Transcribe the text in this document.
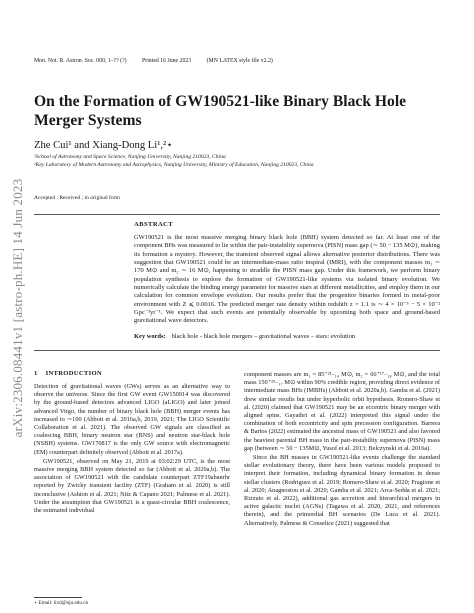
Mon. Not. R. Astron. Soc. 000, 1–?? (?)	Printed 16 June 2023	(MN LATEX style file v2.2)
arXiv:2306.08441v1 [astro-ph.HE] 14 Jun 2023
On the Formation of GW190521-like Binary Black Hole Merger Systems
Zhe Cui¹ and Xiang-Dong Li¹,²⋆
¹School of Astronomy and Space Science, Nanjing University, Nanjing 210023, China
²Key Laboratory of Modern Astronomy and Astrophysics, Nanjing University, Ministry of Education, Nanjing 210023, China
Accepted . Received ; in original form
ABSTRACT
GW190521 is the most massive merging binary black hole (BBH) system detected so far. At least one of the component BHs was measured to lie within the pair-instability supernova (PISN) mass gap (∼ 50 − 135 M⊙), making its formation a mystery. However, the transient observed signal allows alternative posterior distributions. There was suggestion that GW190521 could be an intermediate-mass ratio inspiral (IMRI), with the component masses m₁ ∼ 170 M⊙ and m₂ ∼ 16 M⊙, happening to straddle the PISN mass gap. Under this framework, we perform binary population synthesis to explore the formation of GW190521-like systems via isolated binary evolution. We numerically calculate the binding energy parameter for massive stars at different metallicities, and employ them in our calculation for common envelope evolution. Our results prefer that the progenitor binaries formed in metal-poor environment with Z ⩽ 0.0016. The predicted merger rate density within redshift z = 1.1 is ∼ 4 × 10⁻⁵ − 5 × 10⁻² Gpc⁻³yr⁻¹. We expect that such events are potentially observable by upcoming both space and ground-based gravitational wave detectors.
Key words: black hole - black hole mergers – gravitational waves – stars: evolution
1 INTRODUCTION

Detection of gravitational waves (GWs) serves as an alternative way to observe the universe. Since the first GW event GW150914 was discovered by the ground-based detectors advanced LIGO (aLIGO) and later joined advanced Virgo, the number of binary black hole (BBH) merger events has increased to ∼100 (Abbott et al. 2016a,b, 2019, 2021; The LIGO Scientific Collaboration et al. 2021). The observed GW signals are classified as coalescing BBH, binary neutron star (BNS) and neutron star-black hole (NSBH) systems. GW170817 is the only GW source with electromagnetic (EM) counterpart definitely observed (Abbott et al. 2017a).

GW190521, observed on May 21, 2019 at 03:02:29 UTC, is the most massive merging BBH system detected so far (Abbott et al. 2020a,b). The association of GW190521 with the candidate counterpart ZTF19abanrhr reported by Zwicky transient facility (ZTF) (Graham et al. 2020) is still inconclusive (Ashton et al. 2021; Nitz & Capano 2021; Palmese et al. 2021). Under the assumption that GW190521 is a quasi-circular BBH coalescence, the estimated individual

component masses are m₁ = 85⁺²¹₋₁₄ M⊙, m₂ = 66⁺¹⁷₋₁₈ M⊙, and the total mass 150⁺²⁹₋₁₇ M⊙ within 90% credible region, providing direct evidence of intermediate mass BHs (IMBHs) (Abbott et al. 2020a,b). Gamba et al. (2021) drew similar results but under hyperbolic orbit hypothesis. Romero-Shaw et al. (2020) claimed that GW190521 may be an eccentric binary merger with aligned spins. Gayathri et al. (2022) interpreted this signal under the combination of both eccentricity and spin precession configuration. Barrera & Bartos (2022) estimated the ancestral mass of GW190521 and also favored the heaviest parental BH mass in the pair-instability supernova (PISN) mass gap (between ∼ 50 − 135M⊙, Yusof et al. 2013; Belczynski et al. 2016a).

Since the BH masses in GW190521-like events challenge the standard stellar evolutionary theory, there have been various models proposed to interpret their formation, including dynamical binary formation in dense stellar clusters (Rodriguez et al. 2019; Romero-Shaw et al. 2020; Fragione et al. 2020; Anagnostou et al. 2020; Gamba et al. 2021; Arca-Sedda et al. 2021; Rizzuto et al. 2022), additional gas accretion and hierarchical mergers in active galactic nuclei (AGNs) (Tagawa et al. 2020, 2021, and references therein), and the primordial BH scenarios (De Luca et al. 2021). Alternatively, Palmese & Conselice (2021) suggested that

⋆ Email: lixd@nju.edu.cn
